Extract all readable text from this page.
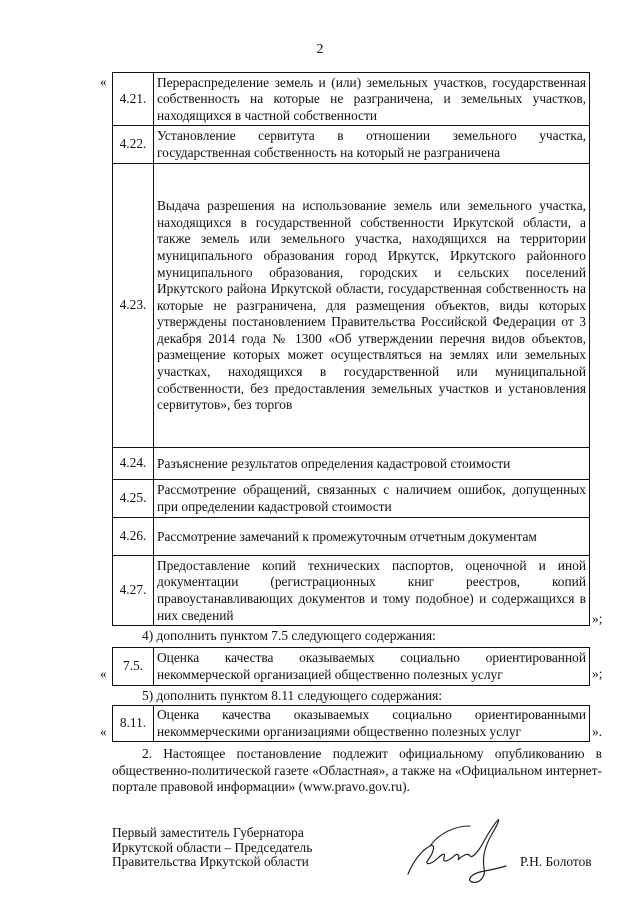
2
«
4.21.	Перераспределение земель и (или) земельных участков, государственная собственность на которые не разграничена, и земельных участков, находящихся в частной собственности
4.22.	Установление сервитута в отношении земельного участка, государственная собственность на который не разграничена
4.23.	Выдача разрешения на использование земель или земельного участка, находящихся в государственной собственности Иркутской области, а также земель или земельного участка, находящихся на территории муниципального образования город Иркутск, Иркутского районного муниципального образования, городских и сельских поселений Иркутского района Иркутской области, государственная собственность на которые не разграничена, для размещения объектов, виды которых утверждены постановлением Правительства Российской Федерации от 3 декабря 2014 года № 1300 «Об утверждении перечня видов объектов, размещение которых может осуществляться на землях или земельных участках, находящихся в государственной или муниципальной собственности, без предоставления земельных участков и установления сервитутов», без торгов
4.24.	Разъяснение результатов определения кадастровой стоимости
4.25.	Рассмотрение обращений, связанных с наличием ошибок, допущенных при определении кадастровой стоимости
4.26.	Рассмотрение замечаний к промежуточным отчетным документам
4.27.	Предоставление копий технических паспортов, оценочной и иной документации (регистрационных книг реестров, копий правоустанавливающих документов и тому подобное) и содержащихся в них сведений	»;
4) дополнить пунктом 7.5 следующего содержания:
«
7.5.	Оценка качества оказываемых социально ориентированной некоммерческой организацией общественно полезных услуг	»;
5) дополнить пунктом 8.11 следующего содержания:
«
8.11.	Оценка качества оказываемых социально ориентированными некоммерческими организациями общественно полезных услуг	».
2. Настоящее постановление подлежит официальному опубликованию в общественно-политической газете «Областная», а также на «Официальном интернет-портале правовой информации» (www.pravo.gov.ru).
Первый заместитель Губернатора
Иркутской области – Председатель
Правительства Иркутской области	Р.Н. Болотов
